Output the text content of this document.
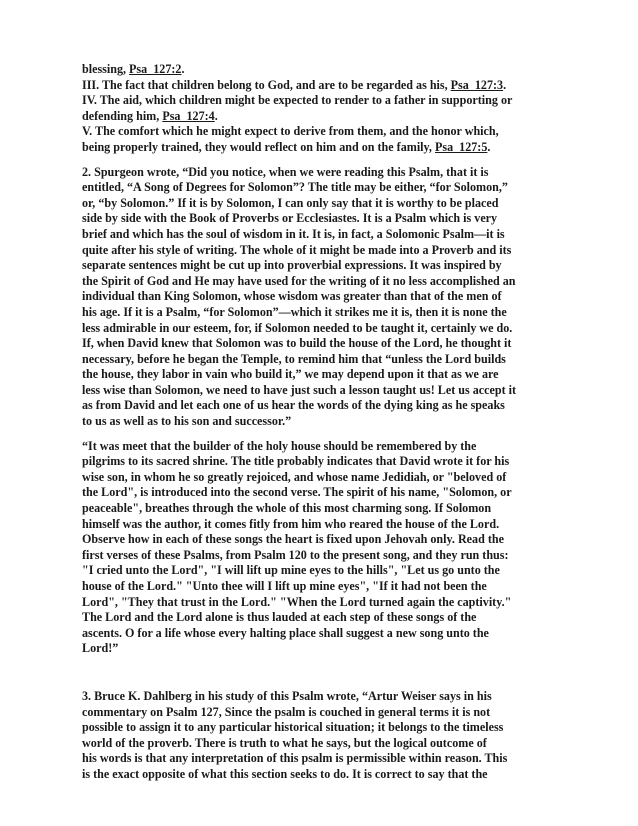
blessing, Psa_127:2.
III. The fact that children belong to God, and are to be regarded as his, Psa_127:3.
IV. The aid, which children might be expected to render to a father in supporting or
defending him, Psa_127:4.
V. The comfort which he might expect to derive from them, and the honor which,
being properly trained, they would reflect on him and on the family, Psa_127:5.
2. Spurgeon wrote, “Did you notice, when we were reading this Psalm, that it is
entitled, “A Song of Degrees for Solomon”? The title may be either, “for Solomon,”
or, “by Solomon.” If it is by Solomon, I can only say that it is worthy to be placed
side by side with the Book of Proverbs or Ecclesiastes. It is a Psalm which is very
brief and which has the soul of wisdom in it. It is, in fact, a Solomonic Psalm—it is
quite after his style of writing. The whole of it might be made into a Proverb and its
separate sentences might be cut up into proverbial expressions. It was inspired by
the Spirit of God and He may have used for the writing of it no less accomplished an
individual than King Solomon, whose wisdom was greater than that of the men of
his age. If it is a Psalm, “for Solomon”—which it strikes me it is, then it is none the
less admirable in our esteem, for, if Solomon needed to be taught it, certainly we do.
If, when David knew that Solomon was to build the house of the Lord, he thought it
necessary, before he began the Temple, to remind him that “unless the Lord builds
the house, they labor in vain who build it,” we may depend upon it that as we are
less wise than Solomon, we need to have just such a lesson taught us! Let us accept it
as from David and let each one of us hear the words of the dying king as he speaks
to us as well as to his son and successor.”
“It was meet that the builder of the holy house should be remembered by the
pilgrims to its sacred shrine. The title probably indicates that David wrote it for his
wise son, in whom he so greatly rejoiced, and whose name Jedidiah, or "beloved of
the Lord", is introduced into the second verse. The spirit of his name, "Solomon, or
peaceable", breathes through the whole of this most charming song. If Solomon
himself was the author, it comes fitly from him who reared the house of the Lord.
Observe how in each of these songs the heart is fixed upon Jehovah only. Read the
first verses of these Psalms, from Psalm 120 to the present song, and they run thus:
"I cried unto the Lord", "I will lift up mine eyes to the hills", "Let us go unto the
house of the Lord." "Unto thee will I lift up mine eyes", "If it had not been the
Lord", "They that trust in the Lord." "When the Lord turned again the captivity."
The Lord and the Lord alone is thus lauded at each step of these songs of the
ascents. O for a life whose every halting place shall suggest a new song unto the
Lord!”
3. Bruce K. Dahlberg in his study of this Psalm wrote, “Artur Weiser says in his
commentary on Psalm 127, Since the psalm is couched in general terms it is not
possible to assign it to any particular historical situation; it belongs to the timeless
world of the proverb. There is truth to what he says, but the logical outcome of
his words is that any interpretation of this psalm is permissible within reason. This
is the exact opposite of what this section seeks to do. It is correct to say that the
